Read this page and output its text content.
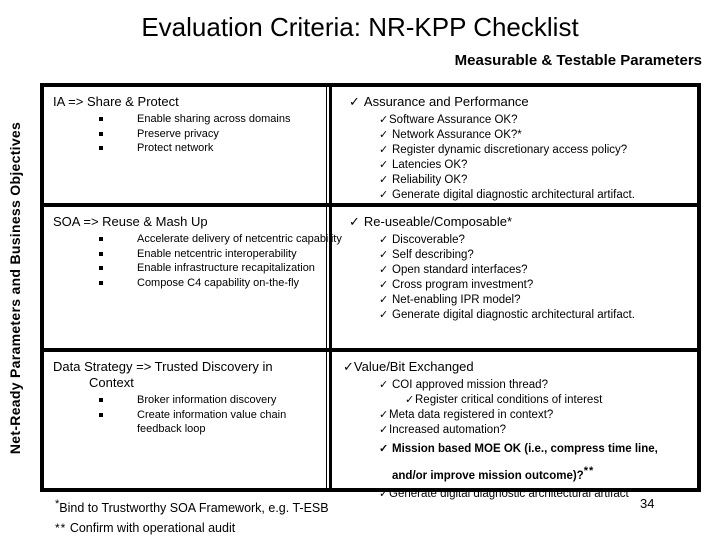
Evaluation Criteria: NR-KPP Checklist
Measurable & Testable Parameters
Net-Ready Parameters and Business Objectives
IA => Share & Protect
Enable sharing across domains
Preserve privacy
Protect network
✓ Assurance and Performance
✓ Software Assurance OK?
✓ Network Assurance OK?*
✓ Register dynamic discretionary access policy?
✓ Latencies OK?
✓ Reliability OK?
✓ Generate digital diagnostic architectural artifact.
SOA => Reuse & Mash Up
Accelerate delivery of netcentric capability
Enable netcentric interoperability
Enable infrastructure recapitalization
Compose C4 capability on-the-fly
✓ Re-useable/Composable*
✓ Discoverable?
✓ Self describing?
✓ Open standard interfaces?
✓ Cross program investment?
✓ Net-enabling IPR model?
✓ Generate digital diagnostic architectural artifact.
Data Strategy => Trusted Discovery in
Context
Broker information discovery
Create information value chain feedback loop
✓Value/Bit Exchanged
✓ COI approved mission thread?
✓ Register critical conditions of interest
✓ Meta data registered in context?
✓ Increased automation?
✓ Mission based MOE OK (i.e., compress time line, and/or improve mission outcome)?**
✓ Generate digital diagnostic architectural artifact
*Bind to Trustworthy SOA Framework, e.g. T-ESB
** Confirm with operational audit
34
